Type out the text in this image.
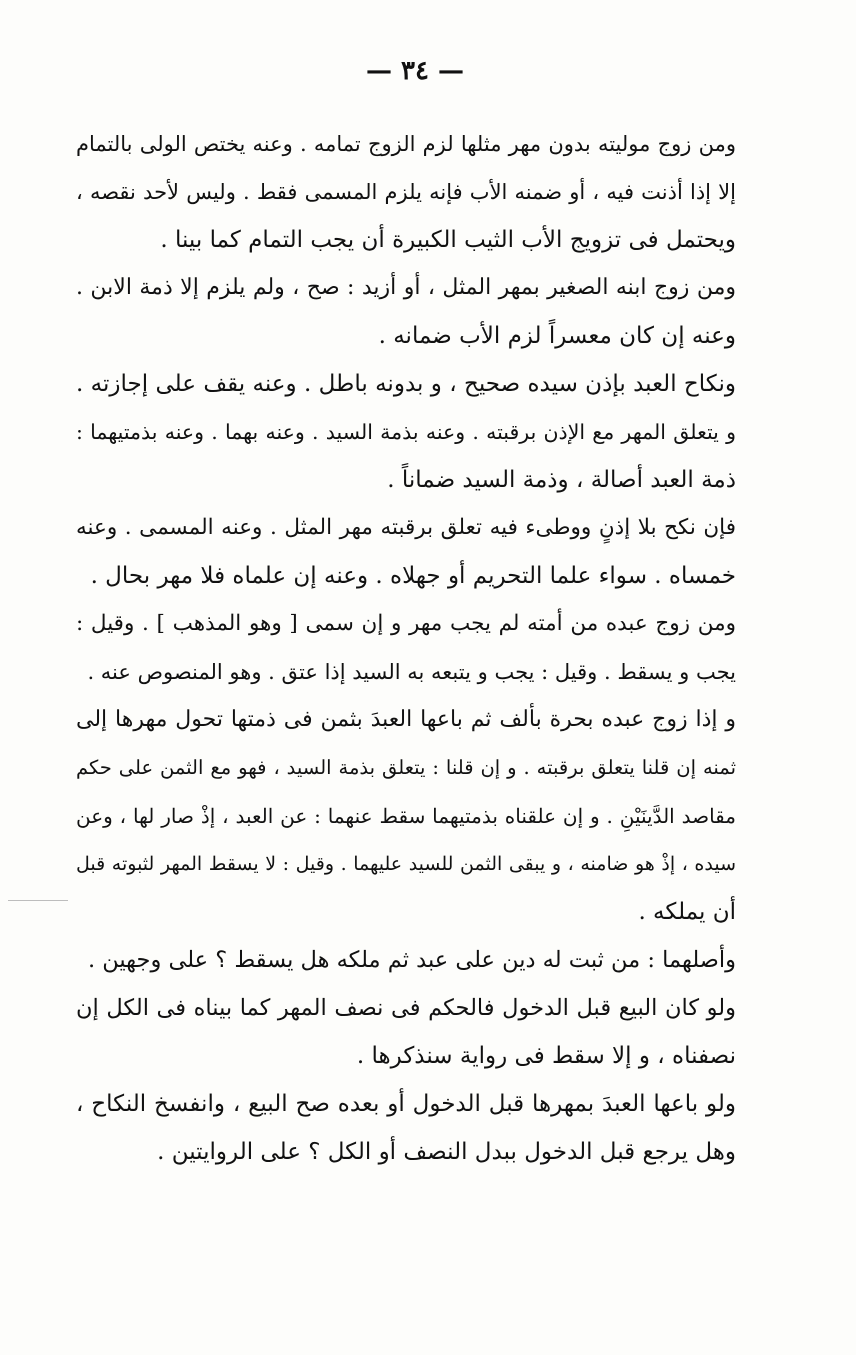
— ٣٤ —

ومن زوج موليته بدون مهر مثلها لزم الزوج تمامه . وعنه يختص الولى بالتمام
إلا إذا أذنت فيه ، أو ضمنه الأب فإنه يلزم المسمى فقط . وليس لأحد نقصه ،
ويحتمل فى تزويج الأب الثيب الكبيرة أن يجب التمام كما بينا .

ومن زوج ابنه الصغير بمهر المثل ، أو أزيد : صح ، ولم يلزم إلا ذمة الابن .
وعنه إن كان معسراً لزم الأب ضمانه .

ونكاح العبد بإذن سيده صحيح ، و بدونه باطل . وعنه يقف على إجازته .
و يتعلق المهر مع الإذن برقبته . وعنه بذمة السيد . وعنه بهما . وعنه بذمتيهما :
ذمة العبد أصالة ، وذمة السيد ضماناً .

فإن نكح بلا إذنٍ ووطىء فيه تعلق برقبته مهر المثل . وعنه المسمى . وعنه
خمساه . سواء علما التحريم أو جهلاه . وعنه إن علماه فلا مهر بحال .

ومن زوج عبده من أمته لم يجب مهر و إن سمى [ وهو المذهب ] . وقيل :
يجب و يسقط . وقيل : يجب و يتبعه به السيد إذا عتق . وهو المنصوص عنه .

و إذا زوج عبده بحرة بألف ثم باعها العبدَ بثمن فى ذمتها تحول مهرها إلى
ثمنه إن قلنا يتعلق برقبته . و إن قلنا : يتعلق بذمة السيد ، فهو مع الثمن على حكم
مقاصد الدَّينَيْنِ . و إن علقناه بذمتيهما سقط عنهما : عن العبد ، إذْ صار لها ، وعن
سيده ، إذْ هو ضامنه ، و يبقى الثمن للسيد عليهما . وقيل : لا يسقط المهر لثبوته قبل
أن يملكه .

وأصلهما : من ثبت له دين على عبد ثم ملكه هل يسقط ؟ على وجهين .

ولو كان البيع قبل الدخول فالحكم فى نصف المهر كما بيناه فى الكل إن
نصفناه ، و إلا سقط فى رواية سنذكرها .

ولو باعها العبدَ بمهرها قبل الدخول أو بعده صح البيع ، وانفسخ النكاح ،
وهل يرجع قبل الدخول ببدل النصف أو الكل ؟ على الروايتين .
